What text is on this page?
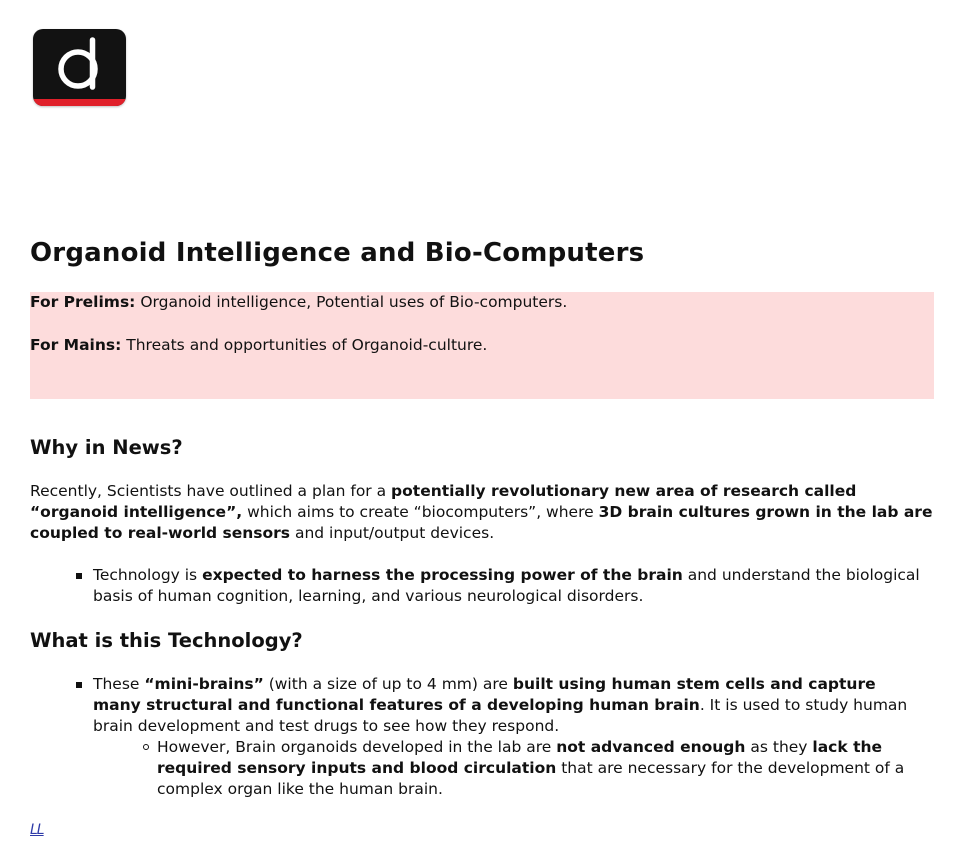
Organoid Intelligence and Bio-Computers
For Prelims: Organoid intelligence, Potential uses of Bio-computers.
For Mains: Threats and opportunities of Organoid-culture.
Why in News?
Recently, Scientists have outlined a plan for a potentially revolutionary new area of research called “organoid intelligence”, which aims to create “biocomputers”, where 3D brain cultures grown in the lab are coupled to real-world sensors and input/output devices.
Technology is expected to harness the processing power of the brain and understand the biological basis of human cognition, learning, and various neurological disorders.
What is this Technology?
These “mini-brains” (with a size of up to 4 mm) are built using human stem cells and capture many structural and functional features of a developing human brain. It is used to study human brain development and test drugs to see how they respond.
However, Brain organoids developed in the lab are not advanced enough as they lack the required sensory inputs and blood circulation that are necessary for the development of a complex organ like the human brain.
LL
